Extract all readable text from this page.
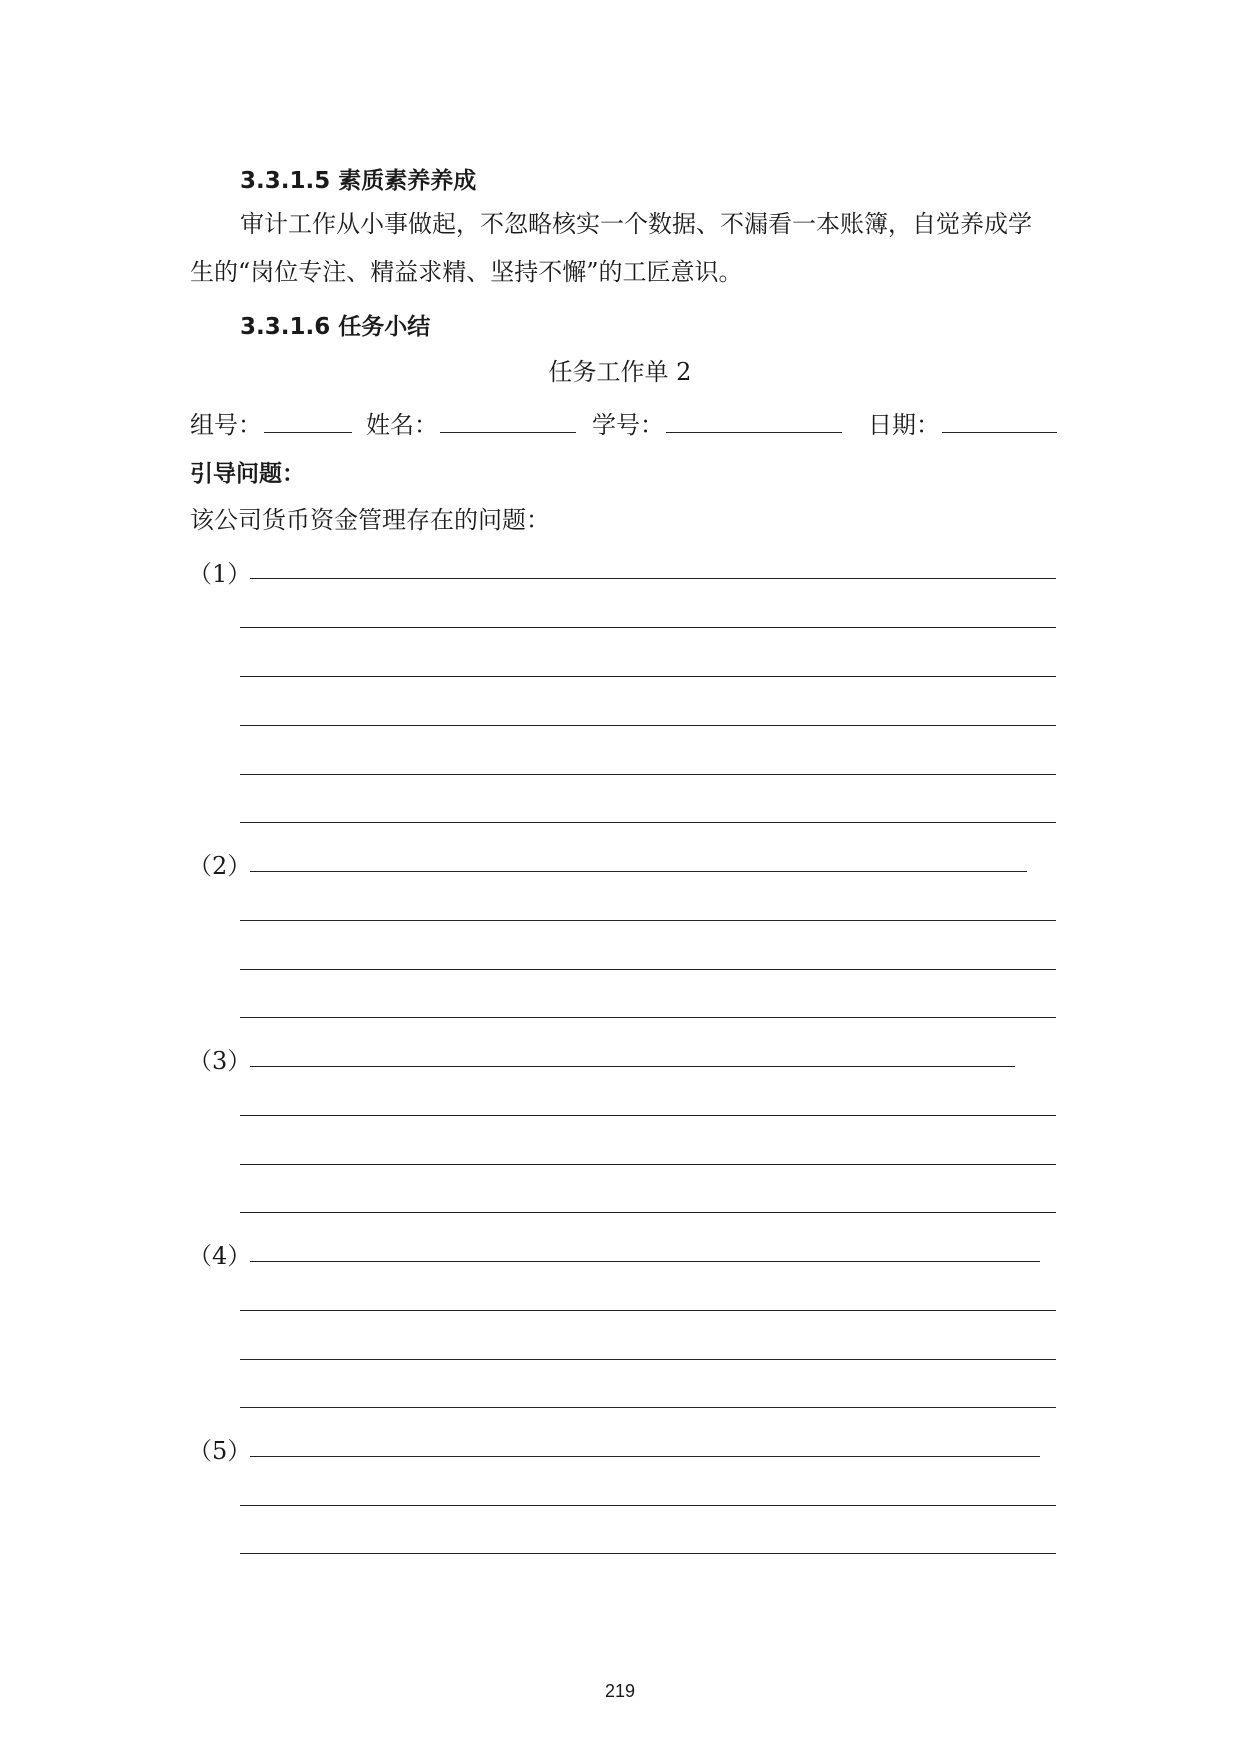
3.3.1.5 素质素养养成
审计工作从小事做起，不忽略核实一个数据、不漏看一本账簿，自觉养成学
生的“岗位专注、精益求精、坚持不懈”的工匠意识。
3.3.1.6 任务小结
任务工作单 2
组号：	姓名：	学号：	日期：
引导问题：
该公司货币资金管理存在的问题：
（1）
（2）
（3）
（4）
（5）
219
